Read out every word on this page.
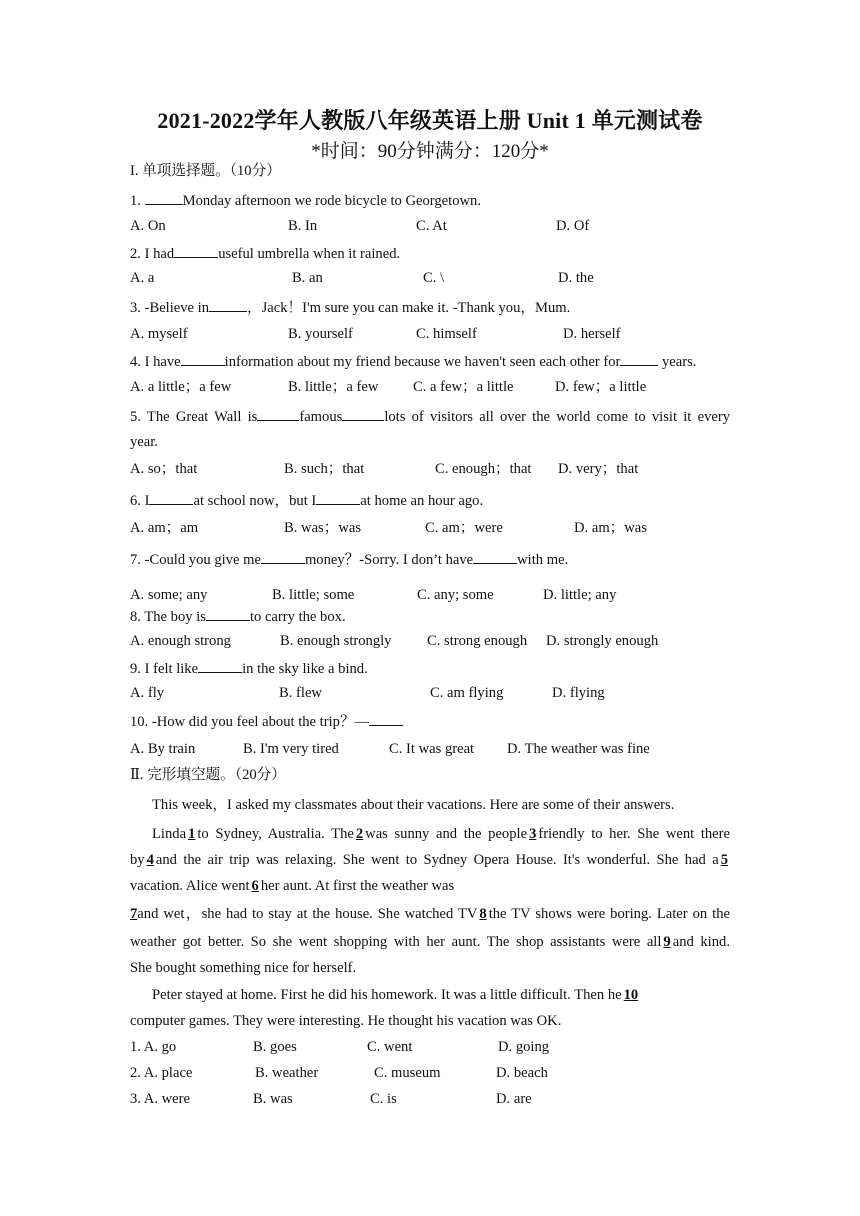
2021-2022学年人教版八年级英语上册 Unit 1 单元测试卷
*时间：90分钟满分：120分*
I. 单项选择题。（10分）
1.	Monday afternoon we rode bicycle to Georgetown.
A. On	B. In	C. At	D. Of
2. I had	useful umbrella when it rained.
A. a	B. an	C. \	D. the
3. -Believe in	，Jack！I'm sure you can make it. -Thank you，Mum.
A. myself	B. yourself	C. himself	D. herself
4. I have	information about my friend because we haven't seen each other for	years.
A. a little；a few	B. little；a few C. a few；a little	D. few；a little
5. The Great Wall is	famous	lots of visitors all over the world come to visit it every
year.
A. so；that	B. such；that	C. enough；that D. very；that
6. I	at school now，but I	at home an hour ago.
A. am；am	B. was；was	C. am；were	D. am；was
7. -Could you give me	money？-Sorry. I don’t have	with me.
A. some; any	B. little; some	C. any; some	D. little; any
8. The boy is	to carry the box.
A. enough strong	B. enough strongly C. strong enough D. strongly enough
9. I felt like	in the sky like a bind.
A. fly	B. flew	C. am flying	D. flying
10. -How did you feel about the trip？—
A. By train	B. I'm very tired	C. It was great D. The weather was fine
Ⅱ. 完形填空题。（20分）
This week，I asked my classmates about their vacations. Here are some of their answers.
Linda 1 to Sydney, Australia. The 2 was sunny and the people 3 friendly to her. She went there
by 4 and the air trip was relaxing. She went to Sydney Opera House. It's wonderful. She had a 5
vacation. Alice went 6 her aunt. At first the weather was
7and wet，she had to stay at the house. She watched TV 8 the TV shows were boring. Later on the
weather got better. So she went shopping with her aunt. The shop assistants were all 9 and kind.
She bought something nice for herself.
Peter stayed at home. First he did his homework. It was a little difficult. Then he 10
computer games. They were interesting. He thought his vacation was OK.
1. A. go	B. goes	C. went	D. going
2. A. place	B. weather	C. museum	D. beach
3. A. were	B. was	C. is	D. are
